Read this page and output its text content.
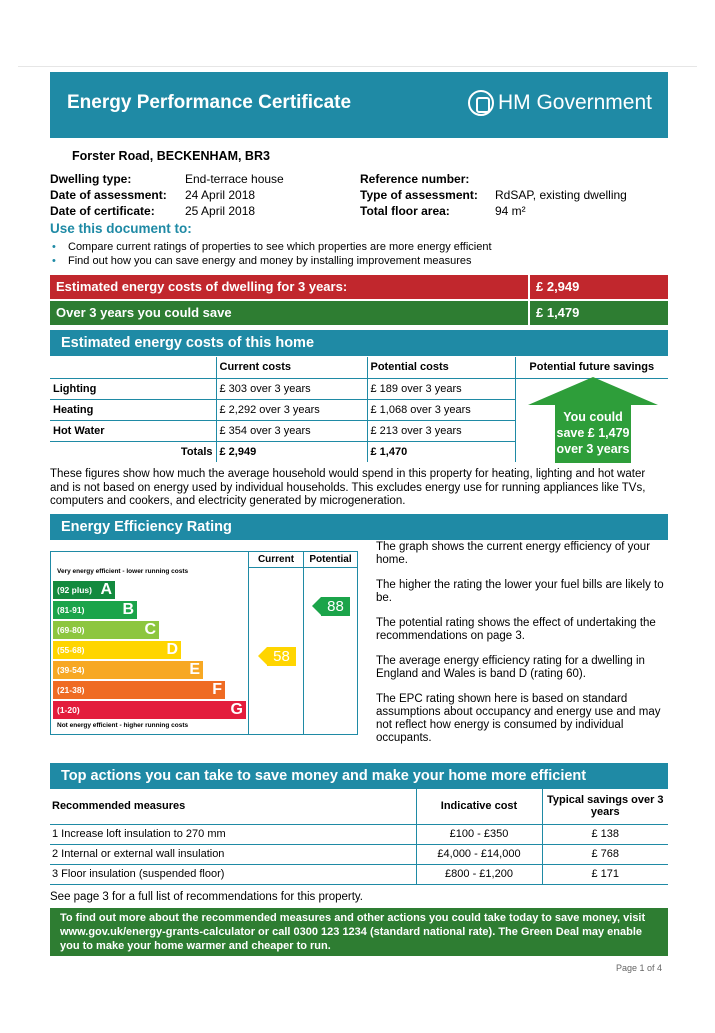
Energy Performance Certificate	HM Government
Forster Road, BECKENHAM, BR3
Dwelling type:	End-terrace house
Date of assessment:	24 April 2018
Date of certificate:	25 April 2018
Reference number:
Type of assessment:	RdSAP, existing dwelling
Total floor area:	94 m²
Use this document to:
•	Compare current ratings of properties to see which properties are more energy efficient
•	Find out how you can save energy and money by installing improvement measures
Estimated energy costs of dwelling for 3 years:	£ 2,949
Over 3 years you could save	£ 1,479
Estimated energy costs of this home
	Current costs	Potential costs	Potential future savings
Lighting	£ 303 over 3 years	£ 189 over 3 years	
Heating	£ 2,292 over 3 years	£ 1,068 over 3 years	
Hot Water	£ 354 over 3 years	£ 213 over 3 years	
Totals	£ 2,949	£ 1,470	
You could
save £ 1,479
over 3 years
These figures show how much the average household would spend in this property for heating, lighting and hot water and is not based on energy used by individual households. This excludes energy use for running appliances like TVs, computers and cookers, and electricity generated by microgeneration.
Energy Efficiency Rating
Current	Potential
Very energy efficient - lower running costs
(92 plus) A
(81-91) B
(69-80)	C
(55-68)	D
(39-54)	E
(21-38)	F
(1-20)	G
Not energy efficient - higher running costs
58
88

The graph shows the current energy efficiency of your home.

The higher the rating the lower your fuel bills are likely to be.

The potential rating shows the effect of undertaking the recommendations on page 3.

The average energy efficiency rating for a dwelling in England and Wales is band D (rating 60).

The EPC rating shown here is based on standard assumptions about occupancy and energy use and may not reflect how energy is consumed by individual occupants.

Top actions you can take to save money and make your home more efficient
Recommended measures	Indicative cost	Typical savings over 3 years
1 Increase loft insulation to 270 mm	£100 - £350	£ 138
2 Internal or external wall insulation	£4,000 - £14,000	£ 768
3 Floor insulation (suspended floor)	£800 - £1,200	£ 171
See page 3 for a full list of recommendations for this property.
To find out more about the recommended measures and other actions you could take today to save money, visit www.gov.uk/energy-grants-calculator or call 0300 123 1234 (standard national rate). The Green Deal may enable you to make your home warmer and cheaper to run.
Page 1 of 4
